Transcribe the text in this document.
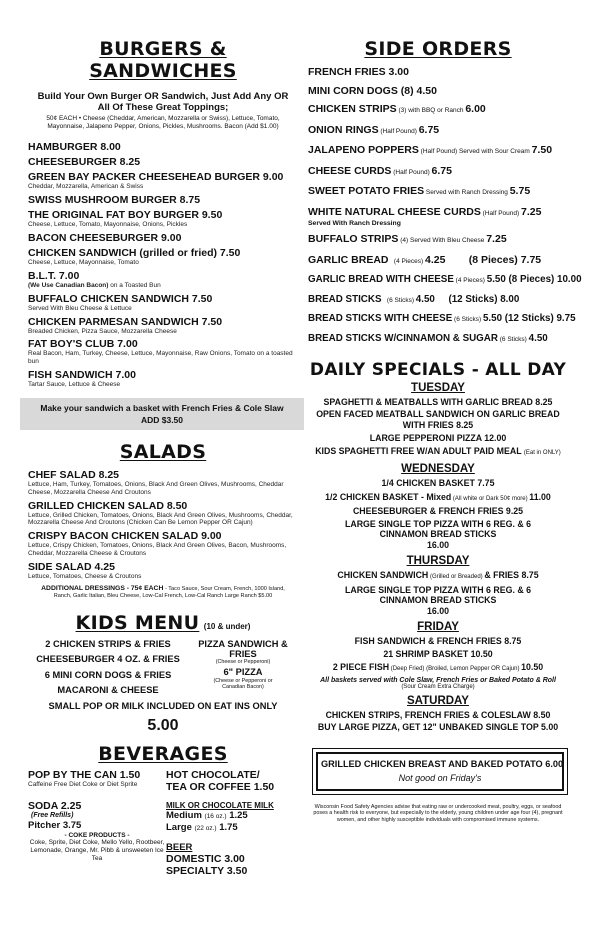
BURGERS & SANDWICHES
Build Your Own Burger OR Sandwich, Just Add Any OR All Of These Great Toppings;
50¢ EACH • Cheese (Cheddar, American, Mozzarella or Swiss), Lettuce, Tomato, Mayonnaise, Jalapeno Pepper, Onions, Pickles, Mushrooms. Bacon (Add $1.00)
HAMBURGER 8.00
CHEESEBURGER 8.25
GREEN BAY PACKER CHEESEHEAD BURGER 9.00
Cheddar, Mozzarella, American & Swiss
SWISS MUSHROOM BURGER 8.75
THE ORIGINAL FAT BOY BURGER 9.50
Cheese, Lettuce, Tomato, Mayonnaise, Onions, Pickles
BACON CHEESEBURGER 9.00
CHICKEN SANDWICH (grilled or fried) 7.50
Cheese, Lettuce, Mayonnaise, Tomato
B.L.T. 7.00
(We Use Canadian Bacon) on a Toasted Bun
BUFFALO CHICKEN SANDWICH 7.50
Served With Bleu Cheese & Lettuce
CHICKEN PARMESAN SANDWICH 7.50
Breaded Chicken, Pizza Sauce, Mozzarella Cheese
FAT BOY'S CLUB 7.00
Real Bacon, Ham, Turkey, Cheese, Lettuce, Mayonnaise, Raw Onions, Tomato on a toasted bun
FISH SANDWICH 7.00
Tartar Sauce, Lettuce & Cheese
Make your sandwich a basket with French Fries & Cole Slaw ADD $3.50
SALADS
CHEF SALAD 8.25
Lettuce, Ham, Turkey, Tomatoes, Onions, Black And Green Olives, Mushrooms, Cheddar Cheese, Mozzarella Cheese And Croutons
GRILLED CHICKEN SALAD 8.50
Lettuce, Grilled Chicken, Tomatoes, Onions, Black And Green Olives, Mushrooms, Cheddar, Mozzarella Cheese And Croutons (Chicken Can Be Lemon Pepper OR Cajun)
CRISPY BACON CHICKEN SALAD 9.00
Lettuce, Crispy Chicken, Tomatoes, Onions, Black And Green Olives, Bacon, Mushrooms, Cheddar, Mozzarella Cheese & Croutons
SIDE SALAD 4.25
Lettuce, Tomatoes, Cheese & Croutons
ADDITIONAL DRESSINGS - 75¢ EACH - Taco Sauce, Sour Cream, French, 1000 Island, Ranch, Garlic Italian, Bleu Cheese, Low-Cal French, Low-Cal Ranch Large Ranch $5.00
KIDS MENU (10 & under)
2 CHICKEN STRIPS & FRIES
CHEESEBURGER 4 OZ. & FRIES
6 MINI CORN DOGS & FRIES
MACARONI & CHEESE
PIZZA SANDWICH & FRIES
(Cheese or Pepperoni)
6" PIZZA
(Cheese or Pepperoni or Canadian Bacon)
SMALL POP OR MILK INCLUDED ON EAT INS ONLY
5.00
BEVERAGES
POP BY THE CAN 1.50
Caffeine Free Diet Coke or Diet Sprite
SODA 2.25
(Free Refills)
Pitcher 3.75
- COKE PRODUCTS -
Coke, Sprite, Diet Coke, Mello Yello, Rootbeer, Lemonade, Orange, Mr. Pibb & unsweeten Ice Tea
HOT CHOCOLATE/ TEA OR COFFEE 1.50
MILK OR CHOCOLATE MILK
Medium (16 oz.) 1.25
Large (22 oz.) 1.75
BEER
DOMESTIC 3.00
SPECIALTY 3.50
SIDE ORDERS
FRENCH FRIES 3.00
MINI CORN DOGS (8) 4.50
CHICKEN STRIPS (3) with BBQ or Ranch 6.00
ONION RINGS (Half Pound) 6.75
JALAPENO POPPERS (Half Pound) Served with Sour Cream 7.50
CHEESE CURDS (Half Pound) 6.75
SWEET POTATO FRIES Served with Ranch Dressing 5.75
WHITE NATURAL CHEESE CURDS (Half Pound) 7.25
Served With Ranch Dressing
BUFFALO STRIPS (4) Served With Bleu Cheese 7.25
GARLIC BREAD   (4 Pieces) 4.25        (8 Pieces) 7.75
GARLIC BREAD WITH CHEESE (4 Pieces) 5.50 (8 Pieces) 10.00
BREAD STICKS   (6 Sticks) 4.50     (12 Sticks) 8.00
BREAD STICKS WITH CHEESE (6 Sticks) 5.50 (12 Sticks) 9.75
BREAD STICKS W/CINNAMON & SUGAR (6 Sticks) 4.50
DAILY SPECIALS - ALL DAY
TUESDAY
SPAGHETTI & MEATBALLS WITH GARLIC BREAD 8.25
OPEN FACED MEATBALL SANDWICH ON GARLIC BREAD WITH FRIES 8.25
LARGE PEPPERONI PIZZA 12.00
KIDS SPAGHETTI FREE W/AN ADULT PAID MEAL (Eat in ONLY)
WEDNESDAY
1/4 CHICKEN BASKET 7.75
1/2 CHICKEN BASKET - Mixed (All white or Dark 50¢ more) 11.00
CHEESEBURGER & FRENCH FRIES 9.25
LARGE SINGLE TOP PIZZA WITH 6 REG. & 6 CINNAMON BREAD STICKS
16.00
THURSDAY
CHICKEN SANDWICH (Grilled or Breaded) & FRIES 8.75
LARGE SINGLE TOP PIZZA WITH 6 REG. & 6 CINNAMON BREAD STICKS
16.00
FRIDAY
FISH SANDWICH & FRENCH FRIES 8.75
21 SHRIMP BASKET 10.50
2 PIECE FISH (Deep Fried) (Broiled, Lemon Pepper OR Cajun) 10.50
All baskets served with Cole Slaw, French Fries or Baked Potato & Roll
(Sour Cream Extra Charge)
SATURDAY
CHICKEN STRIPS, FRENCH FRIES & COLESLAW 8.50
BUY LARGE PIZZA, GET 12" UNBAKED SINGLE TOP 5.00
GRILLED CHICKEN BREAST AND BAKED POTATO 6.00
Not good on Friday's
Wisconsin Food Safety Agencies advise that eating raw or undercooked meat, poultry, eggs, or seafood poses a health risk to everyone, but especially to the elderly, young children under age four (4), pregnant women, and other highly susceptible individuals with compromised immune systems.
